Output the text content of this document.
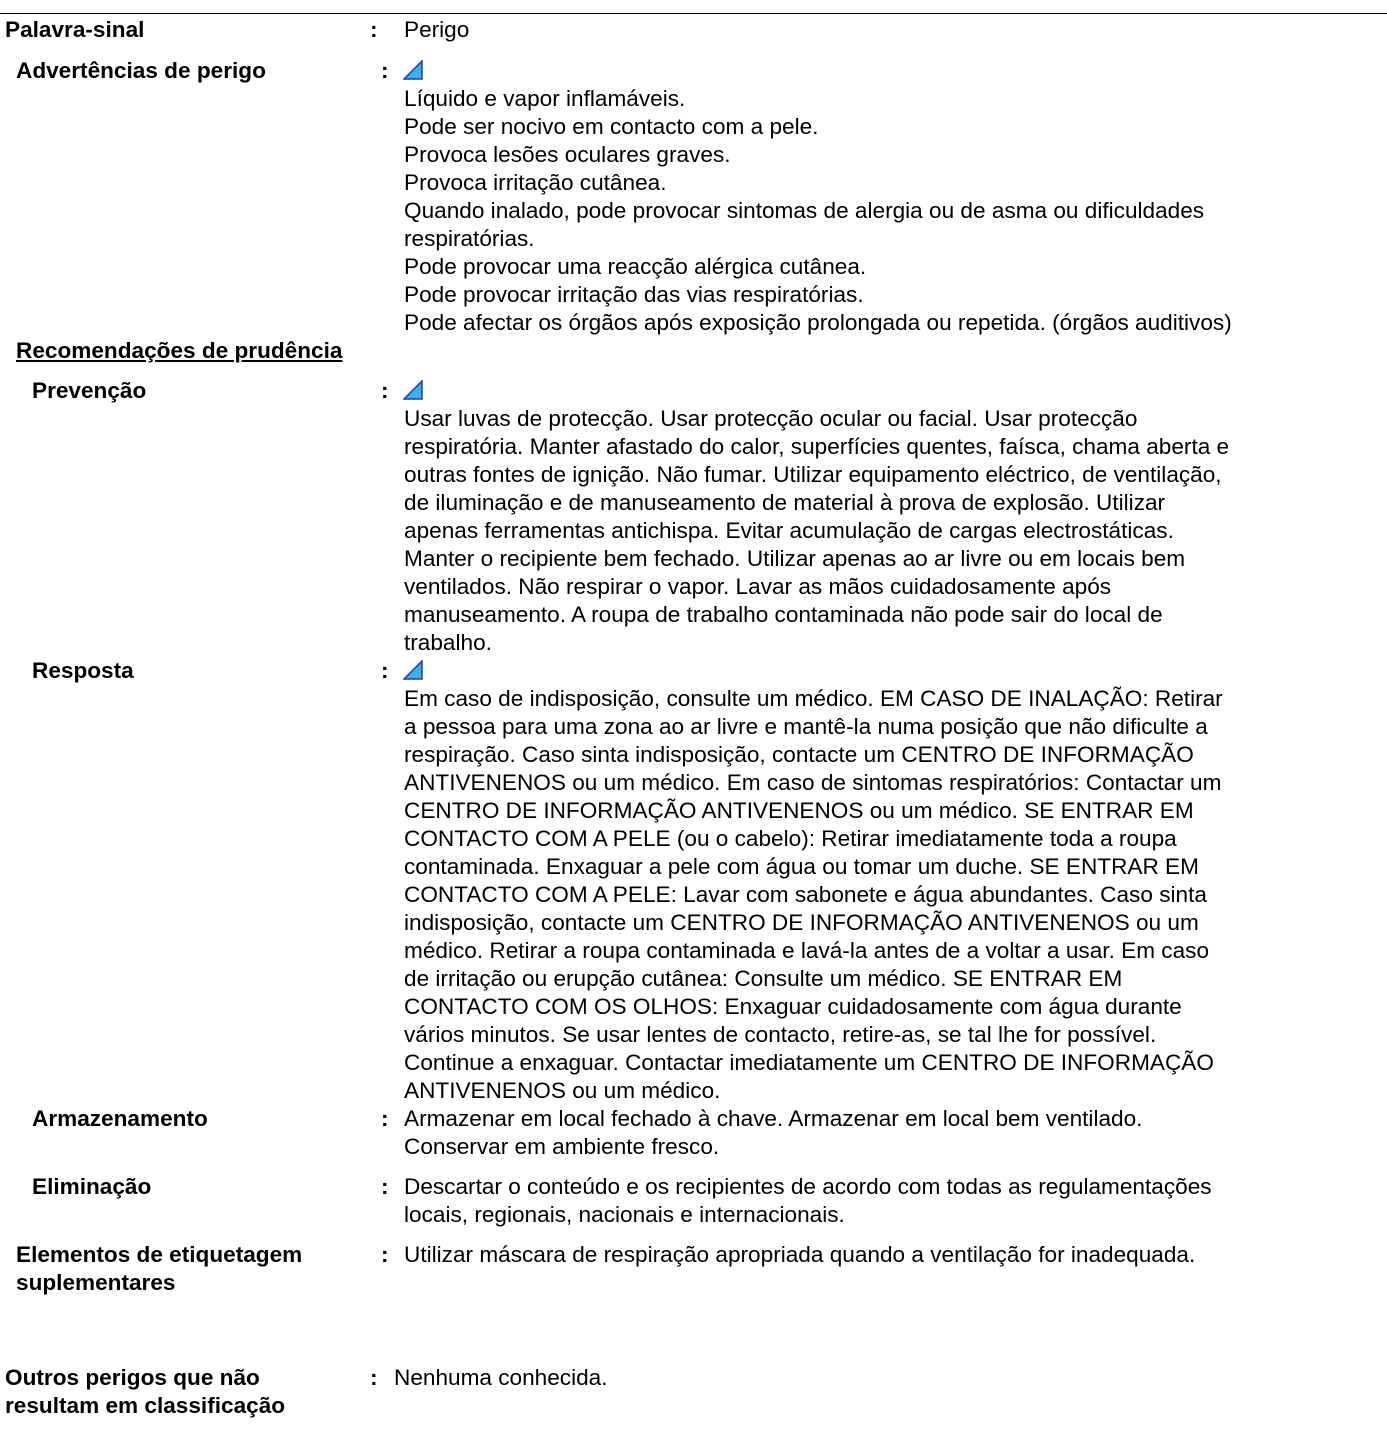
Palavra-sinal	: Perigo
Advertências de perigo	:
Líquido e vapor inflamáveis.
Pode ser nocivo em contacto com a pele.
Provoca lesões oculares graves.
Provoca irritação cutânea.
Quando inalado, pode provocar sintomas de alergia ou de asma ou dificuldades
respiratórias.
Pode provocar uma reacção alérgica cutânea.
Pode provocar irritação das vias respiratórias.
Pode afectar os órgãos após exposição prolongada ou repetida. (órgãos auditivos)
Recomendações de prudência
Prevenção	:
Usar luvas de protecção. Usar protecção ocular ou facial. Usar protecção
respiratória. Manter afastado do calor, superfícies quentes, faísca, chama aberta e
outras fontes de ignição. Não fumar. Utilizar equipamento eléctrico, de ventilação,
de iluminação e de manuseamento de material à prova de explosão. Utilizar
apenas ferramentas antichispa. Evitar acumulação de cargas electrostáticas.
Manter o recipiente bem fechado. Utilizar apenas ao ar livre ou em locais bem
ventilados. Não respirar o vapor. Lavar as mãos cuidadosamente após
manuseamento. A roupa de trabalho contaminada não pode sair do local de
trabalho.
Resposta	:
Em caso de indisposição, consulte um médico. EM CASO DE INALAÇÃO: Retirar
a pessoa para uma zona ao ar livre e mantê-la numa posição que não dificulte a
respiração. Caso sinta indisposição, contacte um CENTRO DE INFORMAÇÃO
ANTIVENENOS ou um médico. Em caso de sintomas respiratórios: Contactar um
CENTRO DE INFORMAÇÃO ANTIVENENOS ou um médico. SE ENTRAR EM
CONTACTO COM A PELE (ou o cabelo): Retirar imediatamente toda a roupa
contaminada. Enxaguar a pele com água ou tomar um duche. SE ENTRAR EM
CONTACTO COM A PELE: Lavar com sabonete e água abundantes. Caso sinta
indisposição, contacte um CENTRO DE INFORMAÇÃO ANTIVENENOS ou um
médico. Retirar a roupa contaminada e lavá-la antes de a voltar a usar. Em caso
de irritação ou erupção cutânea: Consulte um médico. SE ENTRAR EM
CONTACTO COM OS OLHOS: Enxaguar cuidadosamente com água durante
vários minutos. Se usar lentes de contacto, retire-as, se tal lhe for possível.
Continue a enxaguar. Contactar imediatamente um CENTRO DE INFORMAÇÃO
ANTIVENENOS ou um médico.
Armazenamento	: Armazenar em local fechado à chave. Armazenar em local bem ventilado.
Conservar em ambiente fresco.
Eliminação	: Descartar o conteúdo e os recipientes de acordo com todas as regulamentações
locais, regionais, nacionais e internacionais.
Elementos de etiquetagem
suplementares
: Utilizar máscara de respiração apropriada quando a ventilação for inadequada.
Outros perigos que não
resultam em classificação
: Nenhuma conhecida.
